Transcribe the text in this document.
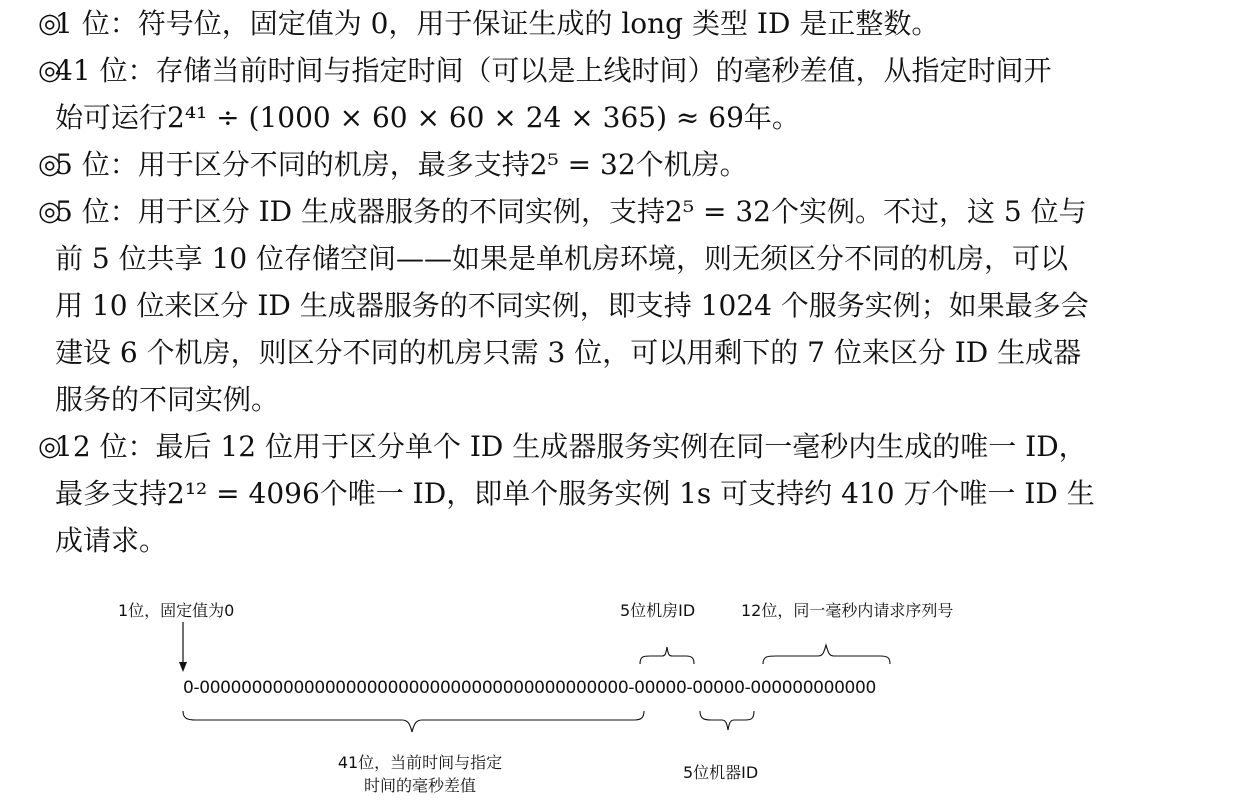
◎
1 位：符号位，固定值为 0，用于保证生成的 long 类型 ID 是正整数。
◎
41 位：存储当前时间与指定时间（可以是上线时间）的毫秒差值，从指定时间开
始可运行2⁴¹ ÷ (1000 × 60 × 60 × 24 × 365) ≈ 69年。
◎
5 位：用于区分不同的机房，最多支持2⁵ = 32个机房。
◎
5 位：用于区分 ID 生成器服务的不同实例，支持2⁵ = 32个实例。不过，这 5 位与
前 5 位共享 10 位存储空间——如果是单机房环境，则无须区分不同的机房，可以
用 10 位来区分 ID 生成器服务的不同实例，即支持 1024 个服务实例；如果最多会
建设 6 个机房，则区分不同的机房只需 3 位，可以用剩下的 7 位来区分 ID 生成器
服务的不同实例。
◎
12 位：最后 12 位用于区分单个 ID 生成器服务实例在同一毫秒内生成的唯一 ID，
最多支持2¹² = 4096个唯一 ID，即单个服务实例 1s 可支持约 410 万个唯一 ID 生
成请求。
1位，固定值为0	5位机房ID	12位，同一毫秒内请求序列号
0-00000000000000000000000000000000000000000-00000-00000-000000000000
41位，当前时间与指定
时间的毫秒差值
5位机器ID
